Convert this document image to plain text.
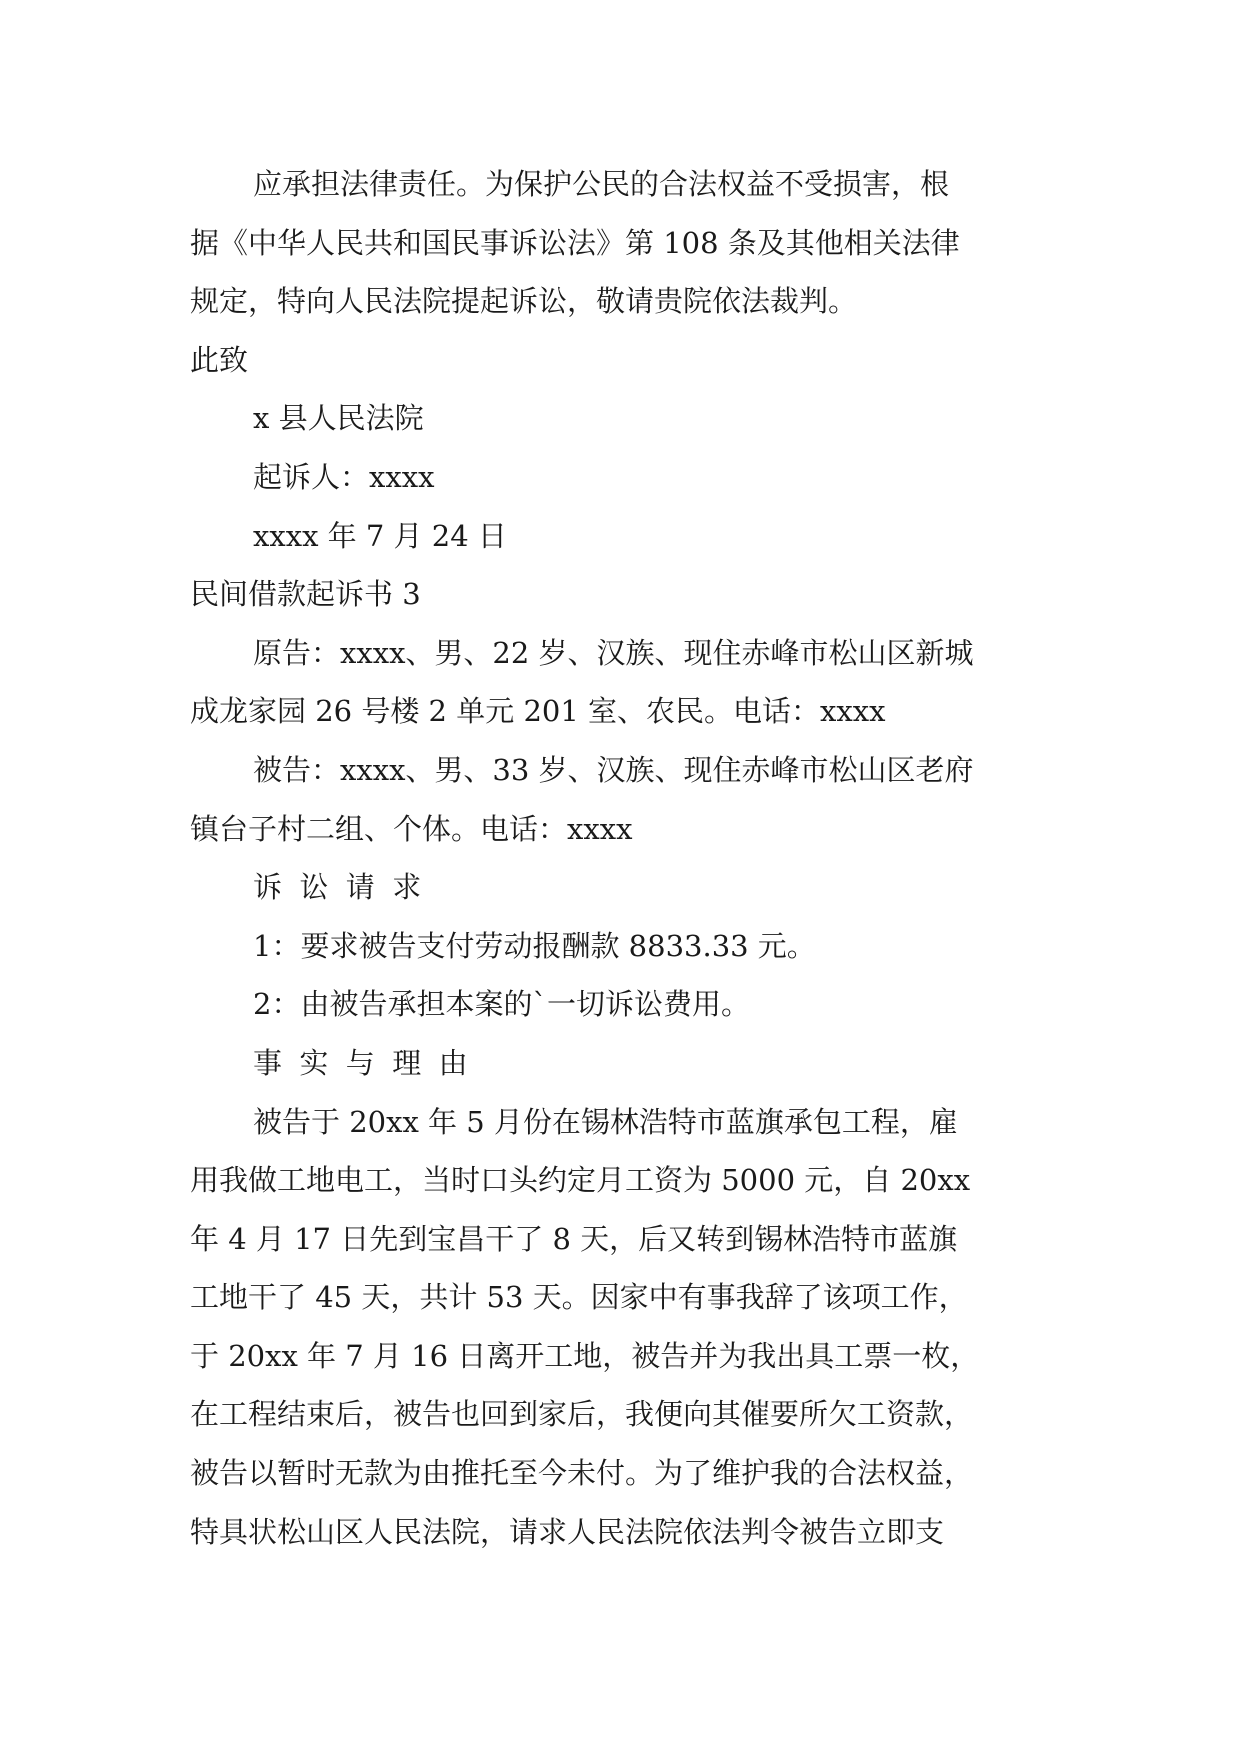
应承担法律责任。为保护公民的合法权益不受损害，根
据《中华人民共和国民事诉讼法》第 108 条及其他相关法律
规定，特向人民法院提起诉讼，敬请贵院依法裁判。
此致
x 县人民法院
起诉人：xxxx
xxxx 年 7 月 24 日
民间借款起诉书 3
原告：xxxx、男、22 岁、汉族、现住赤峰市松山区新城
成龙家园 26 号楼 2 单元 201 室、农民。电话：xxxx
被告：xxxx、男、33 岁、汉族、现住赤峰市松山区老府
镇台子村二组、个体。电话：xxxx
诉讼请求
1：要求被告支付劳动报酬款 8833.33 元。
2：由被告承担本案的`一切诉讼费用。
事实与理由
被告于 20xx 年 5 月份在锡林浩特市蓝旗承包工程，雇
用我做工地电工，当时口头约定月工资为 5000 元，自 20xx
年 4 月 17 日先到宝昌干了 8 天，后又转到锡林浩特市蓝旗
工地干了 45 天，共计 53 天。因家中有事我辞了该项工作，
于 20xx 年 7 月 16 日离开工地，被告并为我出具工票一枚，
在工程结束后，被告也回到家后，我便向其催要所欠工资款，
被告以暂时无款为由推托至今未付。为了维护我的合法权益，
特具状松山区人民法院，请求人民法院依法判令被告立即支
